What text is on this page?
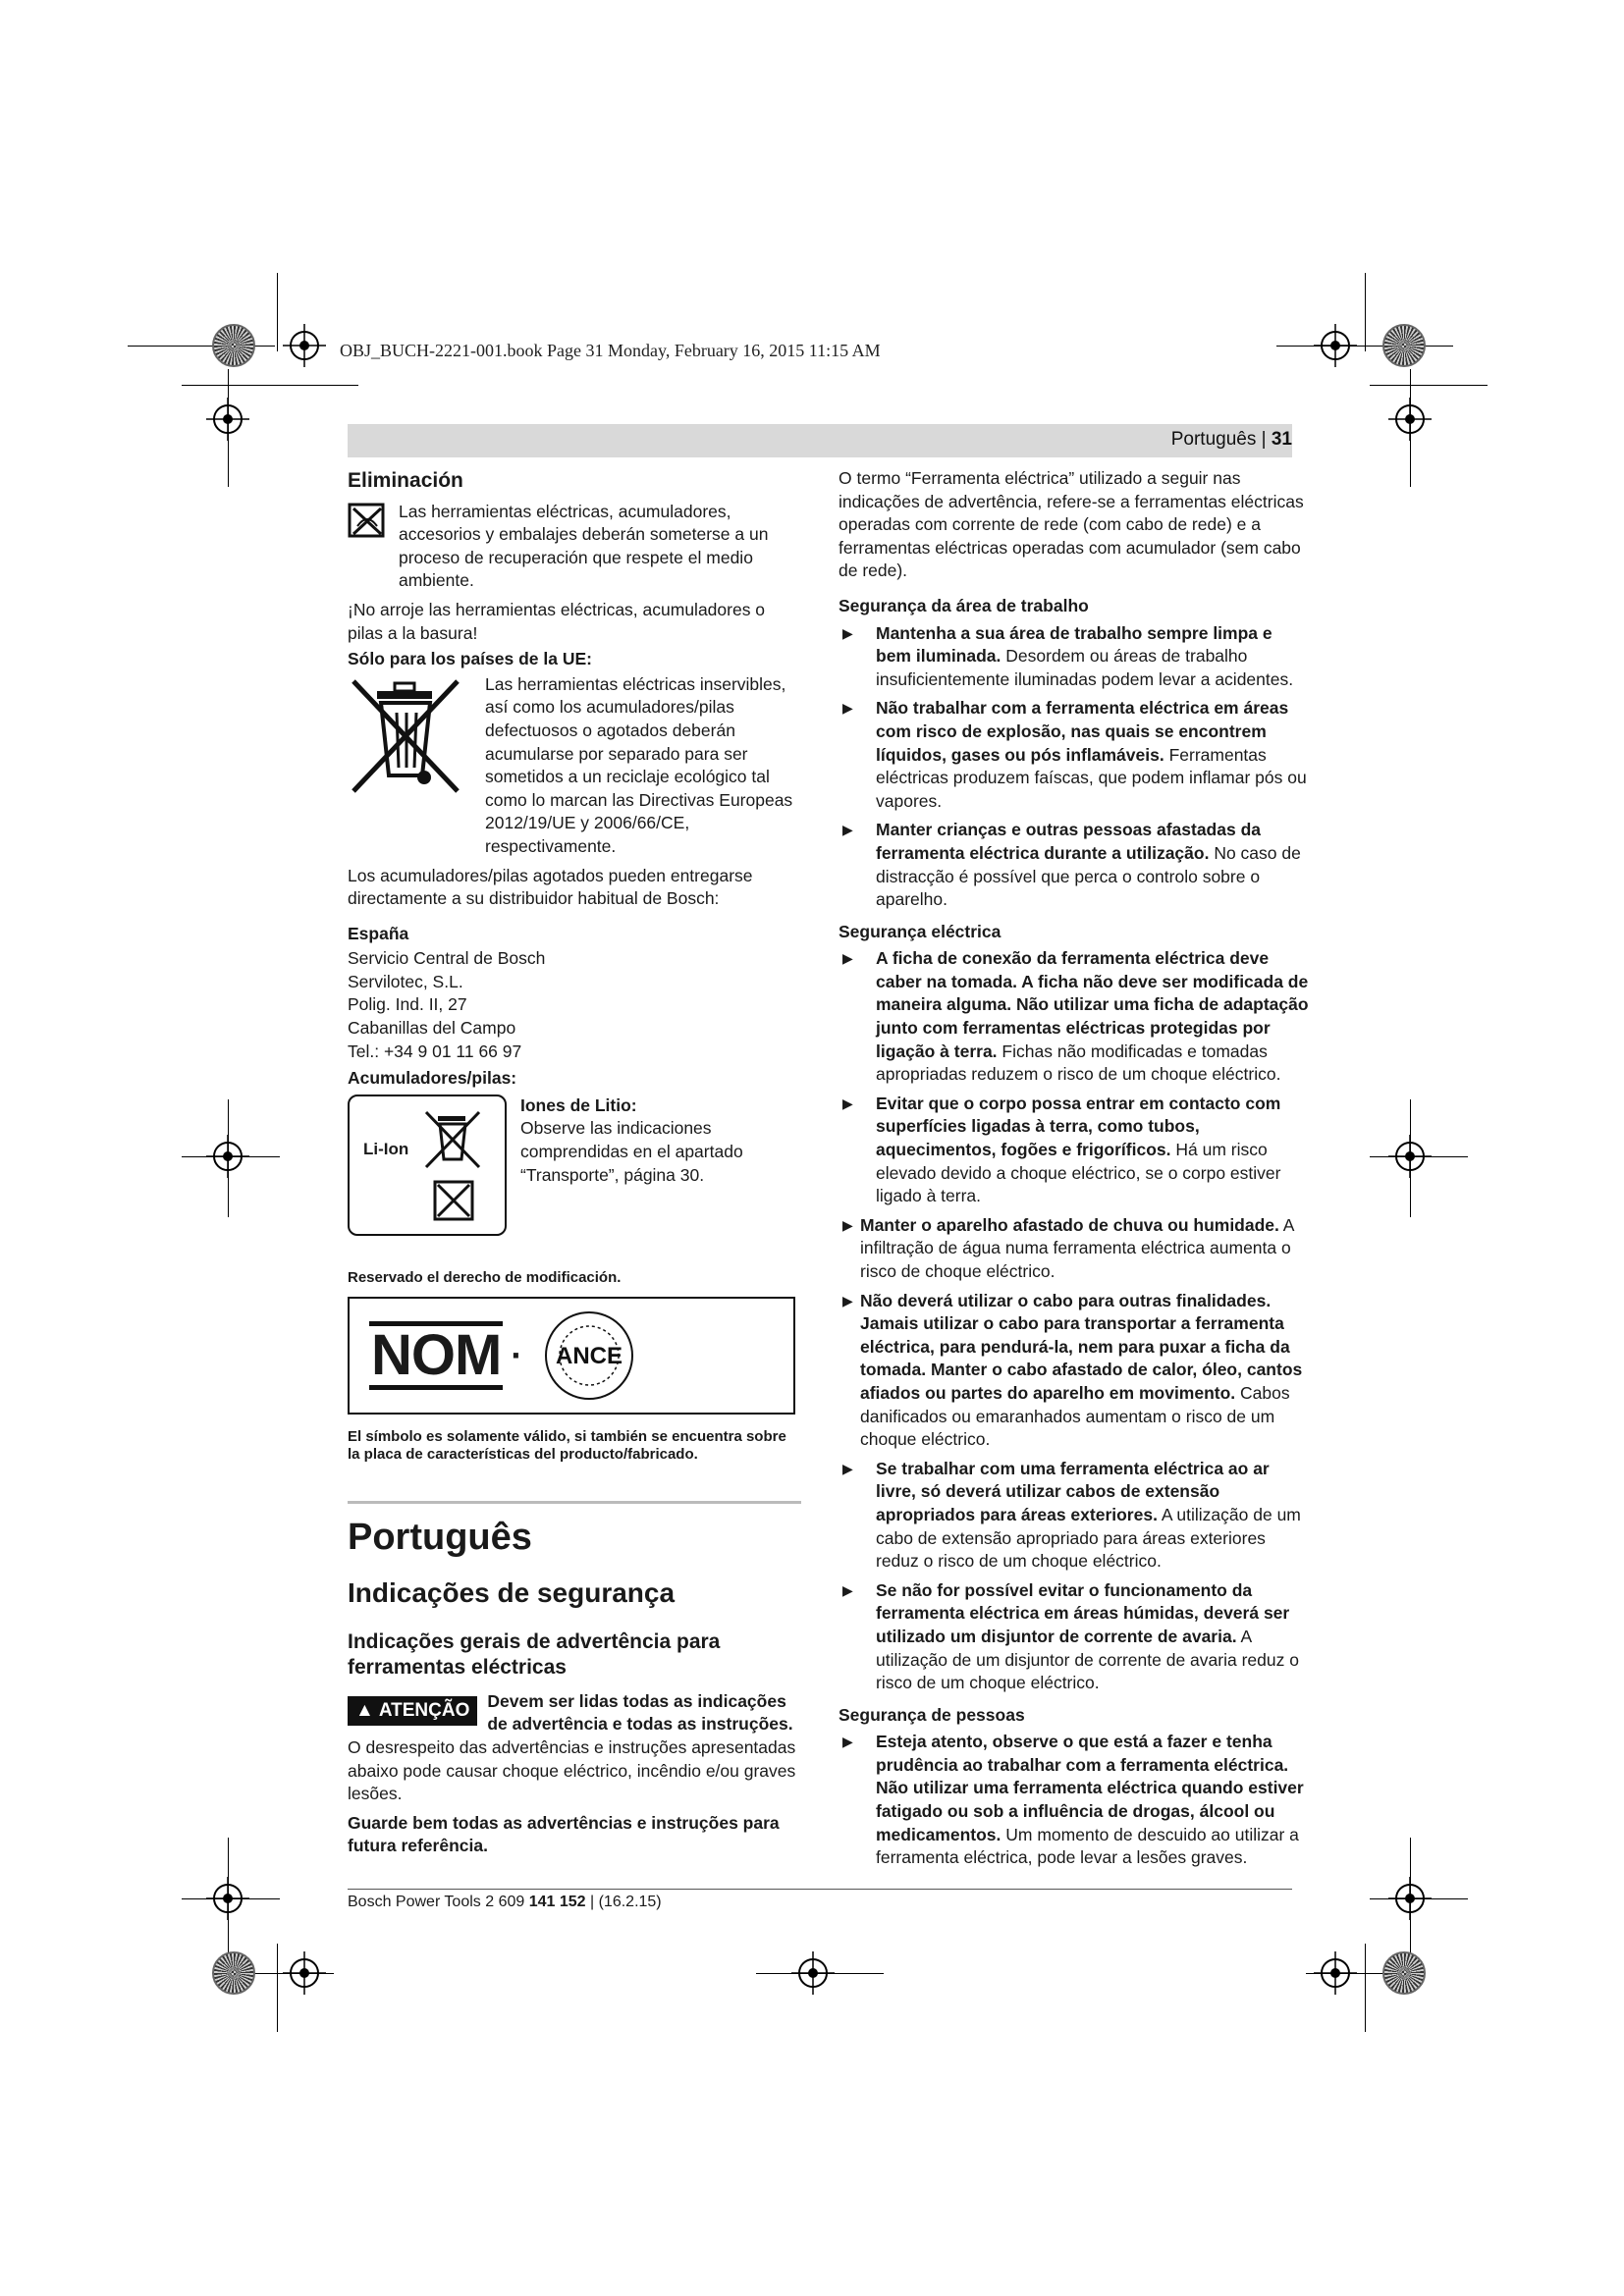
OBJ_BUCH-2221-001.book Page 31 Monday, February 16, 2015 11:15 AM
Português | 31
Eliminación
Las herramientas eléctricas, acumuladores, accesorios y embalajes deberán someterse a un proceso de recuperación que respete el medio ambiente.

¡No arroje las herramientas eléctricas, acumuladores o pilas a la basura!

Sólo para los países de la UE:
Las herramientas eléctricas inservibles, así como los acumuladores/pilas defectuosos o agotados deberán acumularse por separado para ser sometidos a un reciclaje ecológico tal como lo marcan las Directivas Europeas 2012/19/UE y 2006/66/CE, respectivamente.

Los acumuladores/pilas agotados pueden entregarse directamente a su distribuidor habitual de Bosch:

España

Servicio Central de Bosch

Servilotec, S.L.

Polig. Ind. II, 27

Cabanillas del Campo

Tel.: +34 9 01 11 66 97

Acumuladores/pilas:
Li-Ion
Iones de Litio:
Observe las indicaciones comprendidas en el apartado “Transporte”, página 30.
Reservado el derecho de modificación.
NOM · ANCE
El símbolo es solamente válido, si también se encuentra sobre la placa de características del producto/fabricado.
Português
Indicações de segurança
Indicações gerais de advertência para ferramentas eléctricas
▲ ATENÇÃO	Devem ser lidas todas as indicações de advertência e todas as instruções.

O desrespeito das advertências e instruções apresentadas abaixo pode causar choque eléctrico, incêndio e/ou graves lesões.

Guarde bem todas as advertências e instruções para futura referência.

O termo “Ferramenta eléctrica” utilizado a seguir nas indicações de advertência, refere-se a ferramentas eléctricas operadas com corrente de rede (com cabo de rede) e a ferramentas eléctricas operadas com acumulador (sem cabo de rede).

Segurança da área de trabalho
▶	Mantenha a sua área de trabalho sempre limpa e bem iluminada. Desordem ou áreas de trabalho insuficientemente iluminadas podem levar a acidentes.
▶	Não trabalhar com a ferramenta eléctrica em áreas com risco de explosão, nas quais se encontrem líquidos, gases ou pós inflamáveis. Ferramentas eléctricas produzem faíscas, que podem inflamar pós ou vapores.
▶	Manter crianças e outras pessoas afastadas da ferramenta eléctrica durante a utilização. No caso de distracção é possível que perca o controlo sobre o aparelho.
Segurança eléctrica
▶	A ficha de conexão da ferramenta eléctrica deve caber na tomada. A ficha não deve ser modificada de maneira alguma. Não utilizar uma ficha de adaptação junto com ferramentas eléctricas protegidas por ligação à terra. Fichas não modificadas e tomadas apropriadas reduzem o risco de um choque eléctrico.
▶	Evitar que o corpo possa entrar em contacto com superfícies ligadas à terra, como tubos, aquecimentos, fogões e frigoríficos. Há um risco elevado devido a choque eléctrico, se o corpo estiver ligado à terra.
▶ Manter o aparelho afastado de chuva ou humidade. A infiltração de água numa ferramenta eléctrica aumenta o risco de choque eléctrico.
▶ Não deverá utilizar o cabo para outras finalidades. Jamais utilizar o cabo para transportar a ferramenta eléctrica, para pendurá-la, nem para puxar a ficha da tomada. Manter o cabo afastado de calor, óleo, cantos afiados ou partes do aparelho em movimento. Cabos danificados ou emaranhados aumentam o risco de um choque eléctrico.
▶	Se trabalhar com uma ferramenta eléctrica ao ar livre, só deverá utilizar cabos de extensão apropriados para áreas exteriores. A utilização de um cabo de extensão apropriado para áreas exteriores reduz o risco de um choque eléctrico.
▶	Se não for possível evitar o funcionamento da ferramenta eléctrica em áreas húmidas, deverá ser utilizado um disjuntor de corrente de avaria. A utilização de um disjuntor de corrente de avaria reduz o risco de um choque eléctrico.
Segurança de pessoas
▶	Esteja atento, observe o que está a fazer e tenha prudência ao trabalhar com a ferramenta eléctrica. Não utilizar uma ferramenta eléctrica quando estiver fatigado ou sob a influência de drogas, álcool ou medicamentos. Um momento de descuido ao utilizar a ferramenta eléctrica, pode levar a lesões graves.
Bosch Power Tools 2 609 141 152 | (16.2.15)
